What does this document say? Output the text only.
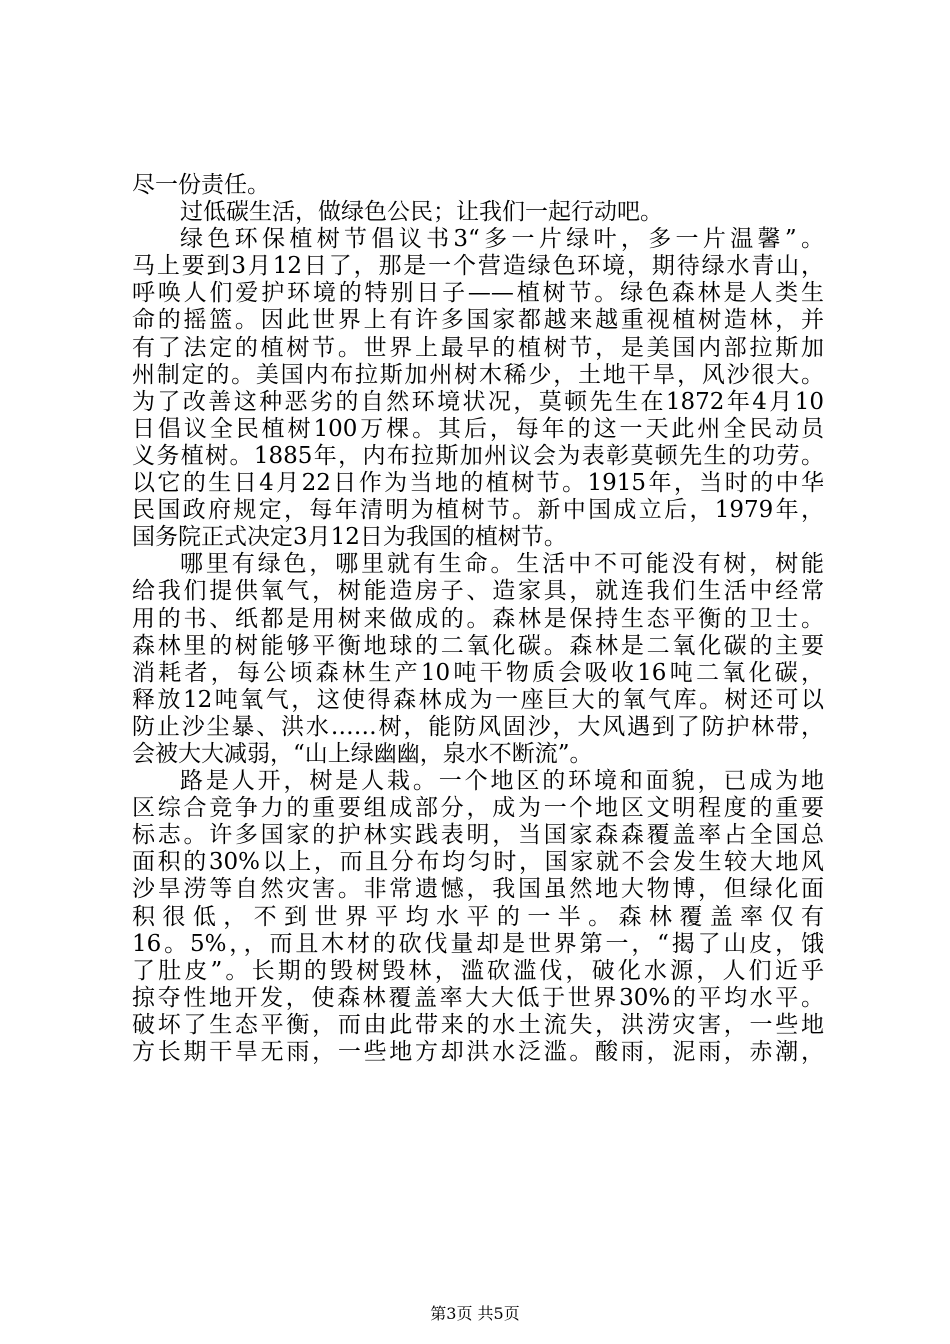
尽一份责任。
过低碳生活，做绿色公民；让我们一起行动吧。
绿色环保植树节倡议书3“多一片绿叶，多一片温馨”。
马上要到3月12日了，那是一个营造绿色环境，期待绿水青山，
呼唤人们爱护环境的特别日子——植树节。绿色森林是人类生
命的摇篮。因此世界上有许多国家都越来越重视植树造林，并
有了法定的植树节。世界上最早的植树节，是美国内部拉斯加
州制定的。美国内布拉斯加州树木稀少，土地干旱，风沙很大。
为了改善这种恶劣的自然环境状况，莫顿先生在1872年4月10
日倡议全民植树100万棵。其后，每年的这一天此州全民动员
义务植树。1885年，内布拉斯加州议会为表彰莫顿先生的功劳。
以它的生日4月22日作为当地的植树节。1915年，当时的中华
民国政府规定，每年清明为植树节。新中国成立后，1979年，
国务院正式决定3月12日为我国的植树节。
哪里有绿色，哪里就有生命。生活中不可能没有树，树能
给我们提供氧气，树能造房子、造家具，就连我们生活中经常
用的书、纸都是用树来做成的。森林是保持生态平衡的卫士。
森林里的树能够平衡地球的二氧化碳。森林是二氧化碳的主要
消耗者，每公顷森林生产10吨干物质会吸收16吨二氧化碳，
释放12吨氧气，这使得森林成为一座巨大的氧气库。树还可以
防止沙尘暴、洪水……树，能防风固沙，大风遇到了防护林带，
会被大大减弱，“山上绿幽幽，泉水不断流”。
路是人开，树是人栽。一个地区的环境和面貌，已成为地
区综合竞争力的重要组成部分，成为一个地区文明程度的重要
标志。许多国家的护林实践表明，当国家森森覆盖率占全国总
面积的30%以上，而且分布均匀时，国家就不会发生较大地风
沙旱涝等自然灾害。非常遗憾，我国虽然地大物博，但绿化面
积很低，不到世界平均水平的一半。森林覆盖率仅有
16。5%，，而且木材的砍伐量却是世界第一，“揭了山皮，饿
了肚皮”。长期的毁树毁林，滥砍滥伐，破化水源，人们近乎
掠夺性地开发，使森林覆盖率大大低于世界30%的平均水平。
破坏了生态平衡，而由此带来的水土流失，洪涝灾害，一些地
方长期干旱无雨，一些地方却洪水泛滥。酸雨，泥雨，赤潮，
第3页 共5页
